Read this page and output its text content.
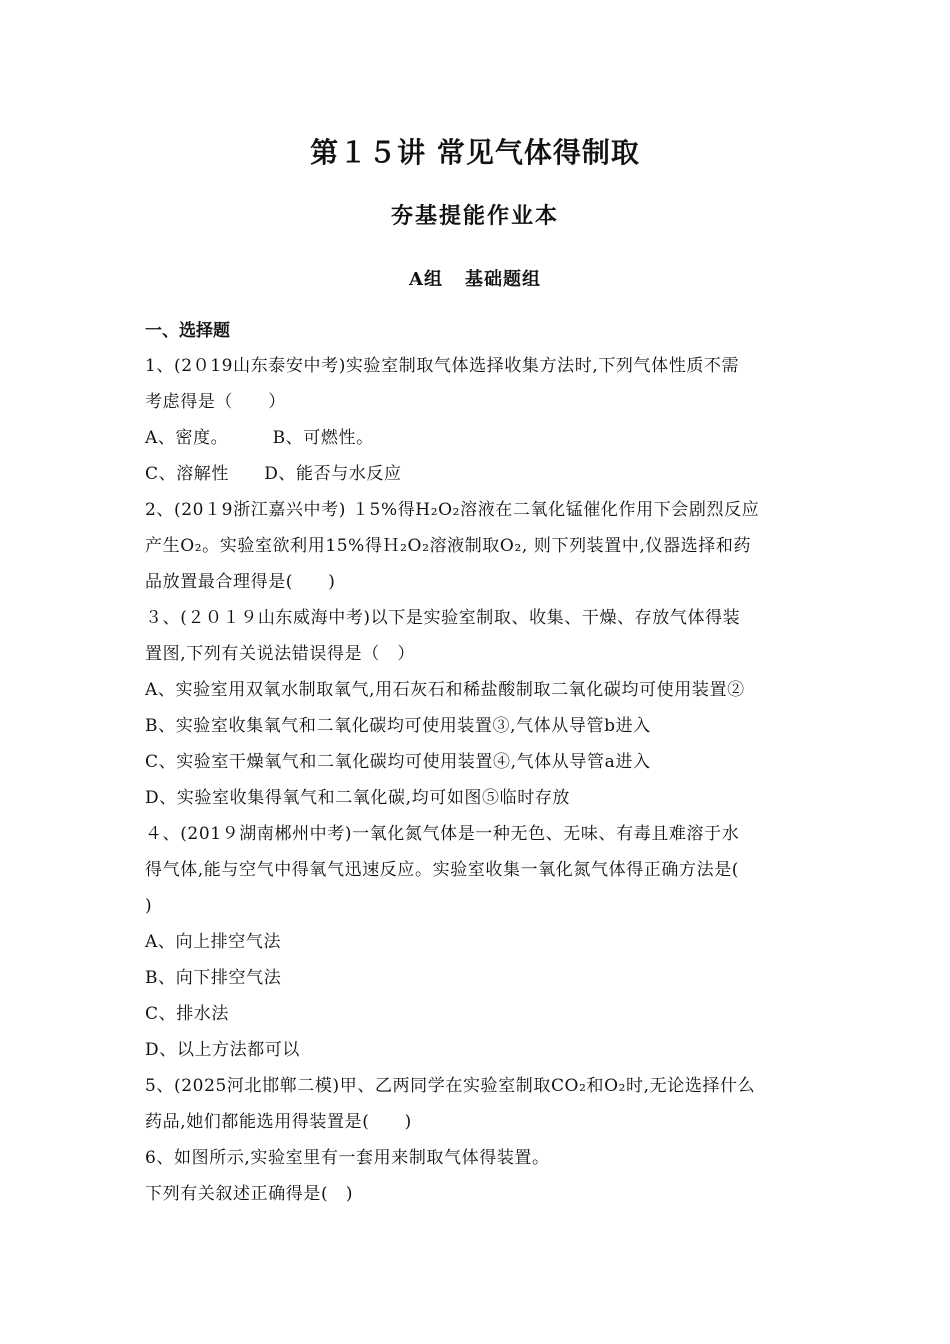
第１５讲 常见气体得制取
夯基提能作业本
A组 基础题组
一、选择题
1、(2０19山东泰安中考)实验室制取气体选择收集方法时,下列气体性质不需
考虑得是（　　）
A、密度。　　　B、可燃性。
C、溶解性　　D、能否与水反应
2、(20１9浙江嘉兴中考) １5%得H₂O₂溶液在二氧化锰催化作用下会剧烈反应
产生O₂。实验室欲利用15%得Ｈ₂O₂溶液制取O₂, 则下列装置中,仪器选择和药
品放置最合理得是(　　)
３、(２０１９山东威海中考)以下是实验室制取、收集、干燥、存放气体得装
置图,下列有关说法错误得是（　）
A、实验室用双氧水制取氧气,用石灰石和稀盐酸制取二氧化碳均可使用装置②
B、实验室收集氧气和二氧化碳均可使用装置③,气体从导管b进入
C、实验室干燥氧气和二氧化碳均可使用装置④,气体从导管a进入
D、实验室收集得氧气和二氧化碳,均可如图⑤临时存放
４、(201９湖南郴州中考)一氧化氮气体是一种无色、无味、有毒且难溶于水
得气体,能与空气中得氧气迅速反应。实验室收集一氧化氮气体得正确方法是(
)
A、向上排空气法
B、向下排空气法
C、排水法
D、以上方法都可以
5、(2025河北邯郸二模)甲、乙两同学在实验室制取CO₂和O₂时,无论选择什么
药品,她们都能选用得装置是(　　)
6、如图所示,实验室里有一套用来制取气体得装置。
下列有关叙述正确得是(　)
